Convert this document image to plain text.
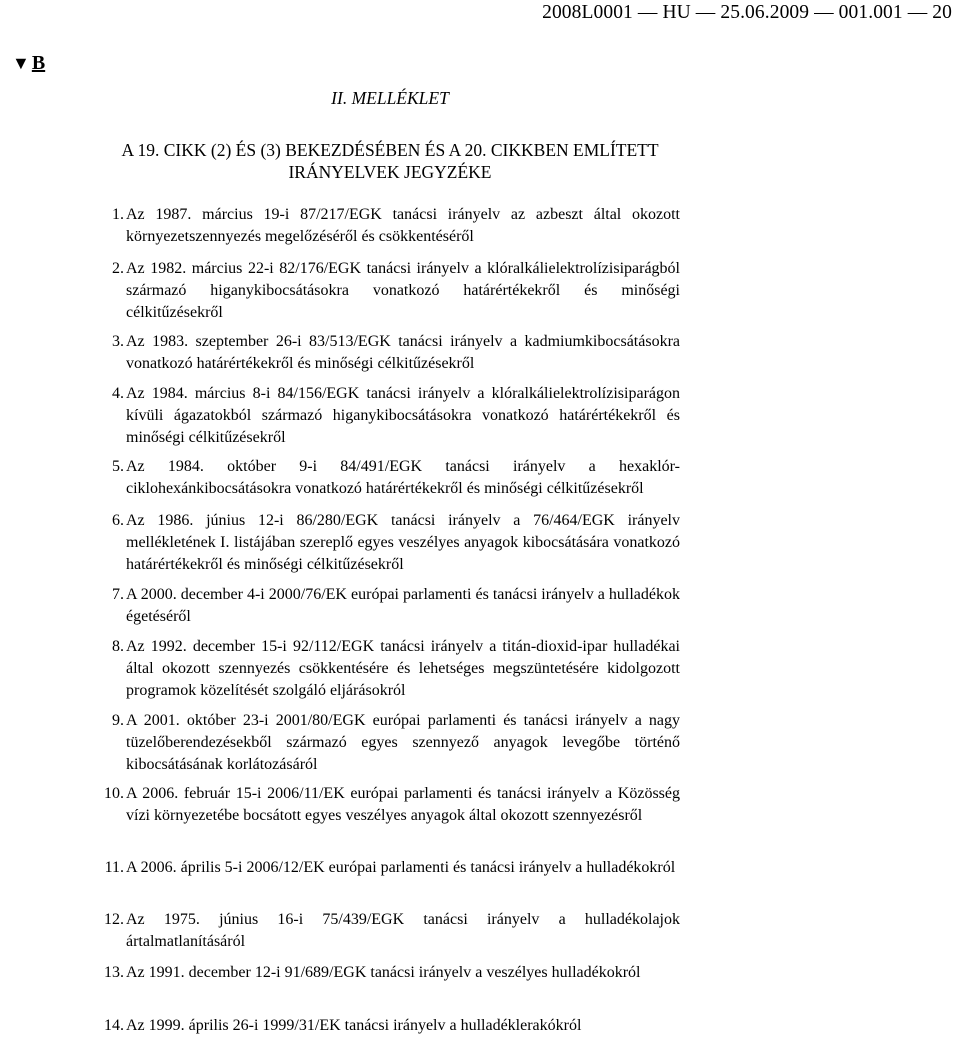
2008L0001 — HU — 25.06.2009 — 001.001 — 20
▼ B
II. MELLÉKLET
A 19. CIKK (2) ÉS (3) BEKEZDÉSÉBEN ÉS A 20. CIKKBEN EMLÍTETT
IRÁNYELVEK JEGYZÉKE
1. Az 1987. március 19-i 87/217/EGK tanácsi irányelv az azbeszt által okozott környezetszennyezés megelőzéséről és csökkentéséről
2. Az 1982. március 22-i 82/176/EGK tanácsi irányelv a klóralkálielektrolízisiparágból származó higanykibocsátásokra vonatkozó határértékekről és minőségi célkitűzésekről
3. Az 1983. szeptember 26-i 83/513/EGK tanácsi irányelv a kadmiumkibocsátásokra vonatkozó határértékekről és minőségi célkitűzésekről
4. Az 1984. március 8-i 84/156/EGK tanácsi irányelv a klóralkálielektrolízisiparágon kívüli ágazatokból származó higanykibocsátásokra vonatkozó határértékekről és minőségi célkitűzésekről
5. Az 1984. október 9-i 84/491/EGK tanácsi irányelv a hexaklór-ciklohexánkibocsátásokra vonatkozó határértékekről és minőségi célkitűzésekről
6. Az 1986. június 12-i 86/280/EGK tanácsi irányelv a 76/464/EGK irányelv mellékletének I. listájában szereplő egyes veszélyes anyagok kibocsátására vonatkozó határértékekről és minőségi célkitűzésekről
7. A 2000. december 4-i 2000/76/EK európai parlamenti és tanácsi irányelv a hulladékok égetéséről
8. Az 1992. december 15-i 92/112/EGK tanácsi irányelv a titán-dioxid-ipar hulladékai által okozott szennyezés csökkentésére és lehetséges megszüntetésére kidolgozott programok közelítését szolgáló eljárásokról
9. A 2001. október 23-i 2001/80/EGK európai parlamenti és tanácsi irányelv a nagy tüzelőberendezésekből származó egyes szennyező anyagok levegőbe történő kibocsátásának korlátozásáról
10. A 2006. február 15-i 2006/11/EK európai parlamenti és tanácsi irányelv a Közösség vízi környezetébe bocsátott egyes veszélyes anyagok által okozott szennyezésről
11. A 2006. április 5-i 2006/12/EK európai parlamenti és tanácsi irányelv a hulladékokról
12. Az 1975. június 16-i 75/439/EGK tanácsi irányelv a hulladékolajok ártalmatlanításáról
13. Az 1991. december 12-i 91/689/EGK tanácsi irányelv a veszélyes hulladékokról
14. Az 1999. április 26-i 1999/31/EK tanácsi irányelv a hulladéklerakókról
